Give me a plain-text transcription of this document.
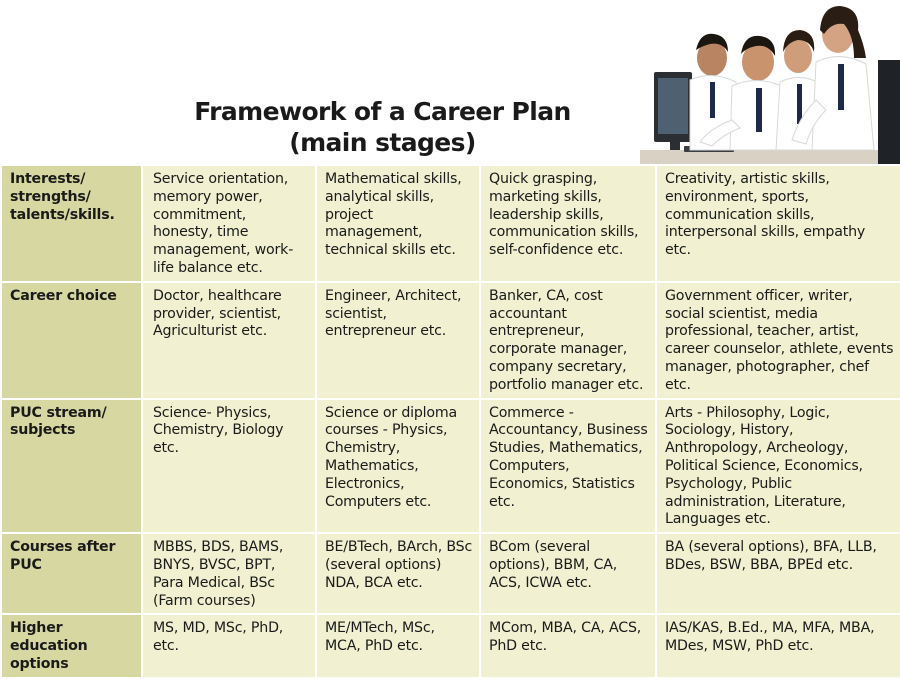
Framework of a Career Plan
(main stages)
Interests/ strengths/ talents/skills.	Service orientation, memory power, commitment, honesty, time management, work-life balance etc.	Mathematical skills, analytical skills, project management, technical skills etc.	Quick grasping, marketing skills, leadership skills, communication skills, self-confidence etc.	Creativity, artistic skills, environment, sports, communication skills, interpersonal skills, empathy etc.
Career choice	Doctor, healthcare provider, scientist, Agriculturist etc.	Engineer, Architect, scientist, entrepreneur etc.	Banker, CA, cost accountant entrepreneur, corporate manager, company secretary, portfolio manager etc.	Government officer, writer, social scientist, media professional, teacher, artist, career counselor, athlete, events manager, photographer, chef etc.
PUC stream/ subjects	Science- Physics, Chemistry, Biology etc.	Science or diploma courses - Physics, Chemistry, Mathematics, Electronics, Computers etc.	Commerce - Accountancy, Business Studies, Mathematics, Computers, Economics, Statistics etc.	Arts - Philosophy, Logic, Sociology, History, Anthropology, Archeology, Political Science, Economics, Psychology, Public administration, Literature, Languages etc.
Courses after PUC	MBBS, BDS, BAMS, BNYS, BVSC, BPT, Para Medical, BSc (Farm courses)	BE/BTech, BArch, BSc (several options) NDA, BCA etc.	BCom (several options), BBM, CA, ACS, ICWA etc.	BA (several options), BFA, LLB, BDes, BSW, BBA, BPEd etc.
Higher education options	MS, MD, MSc, PhD, etc.	ME/MTech, MSc, MCA, PhD etc.	MCom, MBA, CA, ACS, PhD etc.	IAS/KAS, B.Ed., MA, MFA, MBA, MDes, MSW, PhD etc.
